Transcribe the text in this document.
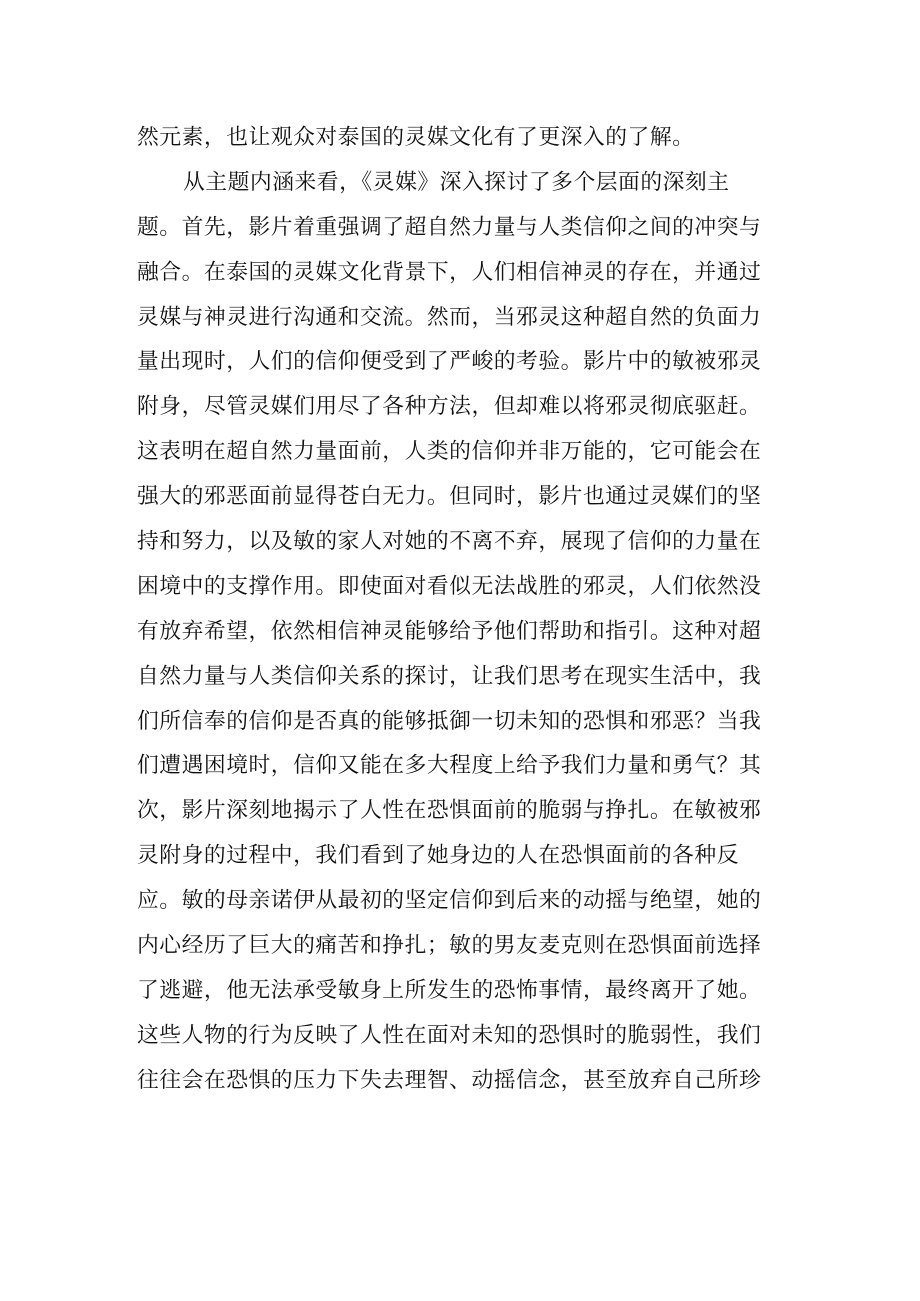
然元素，也让观众对泰国的灵媒文化有了更深入的了解。
从主题内涵来看，《灵媒》深入探讨了多个层面的深刻主
题。首先，影片着重强调了超自然力量与人类信仰之间的冲突与
融合。在泰国的灵媒文化背景下，人们相信神灵的存在，并通过
灵媒与神灵进行沟通和交流。然而，当邪灵这种超自然的负面力
量出现时，人们的信仰便受到了严峻的考验。影片中的敏被邪灵
附身，尽管灵媒们用尽了各种方法，但却难以将邪灵彻底驱赶。
这表明在超自然力量面前，人类的信仰并非万能的，它可能会在
强大的邪恶面前显得苍白无力。但同时，影片也通过灵媒们的坚
持和努力，以及敏的家人对她的不离不弃，展现了信仰的力量在
困境中的支撑作用。即使面对看似无法战胜的邪灵，人们依然没
有放弃希望，依然相信神灵能够给予他们帮助和指引。这种对超
自然力量与人类信仰关系的探讨，让我们思考在现实生活中，我
们所信奉的信仰是否真的能够抵御一切未知的恐惧和邪恶？当我
们遭遇困境时，信仰又能在多大程度上给予我们力量和勇气？其
次，影片深刻地揭示了人性在恐惧面前的脆弱与挣扎。在敏被邪
灵附身的过程中，我们看到了她身边的人在恐惧面前的各种反
应。敏的母亲诺伊从最初的坚定信仰到后来的动摇与绝望，她的
内心经历了巨大的痛苦和挣扎；敏的男友麦克则在恐惧面前选择
了逃避，他无法承受敏身上所发生的恐怖事情，最终离开了她。
这些人物的行为反映了人性在面对未知的恐惧时的脆弱性，我们
往往会在恐惧的压力下失去理智、动摇信念，甚至放弃自己所珍
